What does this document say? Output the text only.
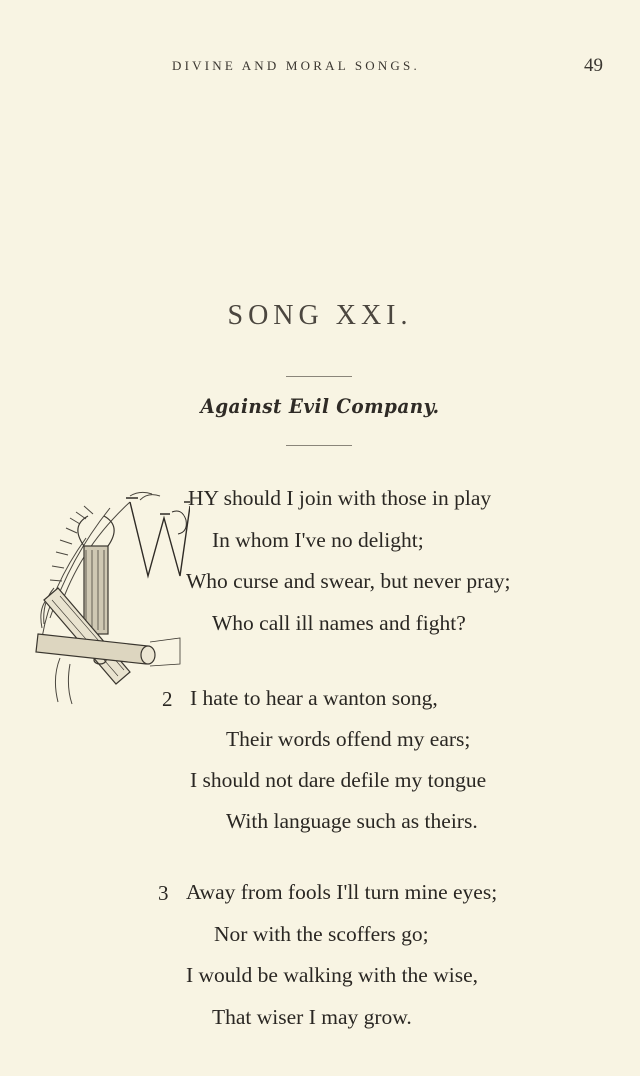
DIVINE AND MORAL SONGS.	49
SONG XXI.
Against Evil Company.
HY should I join with those in play
In whom I've no delight;
Who curse and swear, but never pray;
Who call ill names and fight?
2 I hate to hear a wanton song,
Their words offend my ears;
I should not dare defile my tongue
With language such as theirs.
3 Away from fools I'll turn mine eyes;
Nor with the scoffers go;
I would be walking with the wise,
That wiser I may grow.
